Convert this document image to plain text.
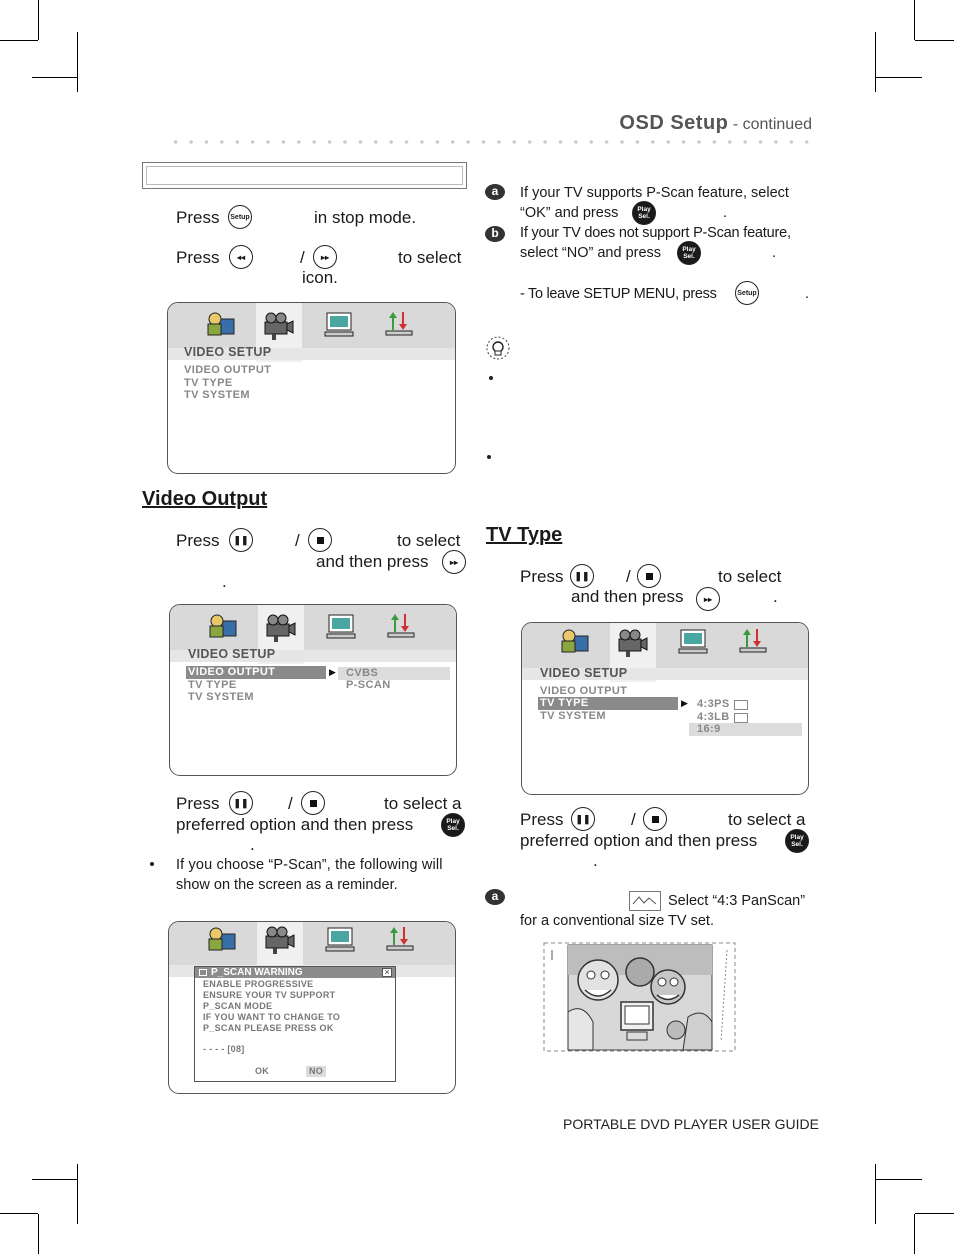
OSD Setup - continued
Press Setup	in stop mode.
Press ◂◂	/ ▸▸	to select
icon.
VIDEO SETUP
VIDEO OUTPUT
TV TYPE
TV SYSTEM
Video Output
Press ❚❚	/	to select
and then press	▸▸
.
VIDEO SETUP
VIDEO OUTPUT
TV TYPE
TV SYSTEM
▶ CVBS
P-SCAN
Press ❚❚ /	to select a
preferred option and then press	Play
Sel.
.
If you choose “P-Scan”, the following will
show on the screen as a reminder.
P_SCAN WARNING	×
ENABLE PROGRESSIVE
ENSURE YOUR TV SUPPORT
P_SCAN MODE
IF YOU WANT TO CHANGE TO
P_SCAN PLEASE PRESS OK
- - - - [08]
OK	NO
a	If your TV supports P-Scan feature, select
“OK” and press	Play
Sel.	.
b	If your TV does not support P-Scan feature,
select “NO” and press	Play
Sel.	.
- To leave SETUP MENU, press	Setup	.
TV Type
Press ❚❚ /	to select
and then press	▸▸	.
VIDEO SETUP
VIDEO OUTPUT
TV TYPE
TV SYSTEM
▶ 4:3PS
4:3LB
16:9
Press ❚❚ /	to select a
preferred option and then press	Play
Sel.
.
a	Select “4:3 PanScan”
for a conventional size TV set.
PORTABLE DVD PLAYER USER GUIDE
